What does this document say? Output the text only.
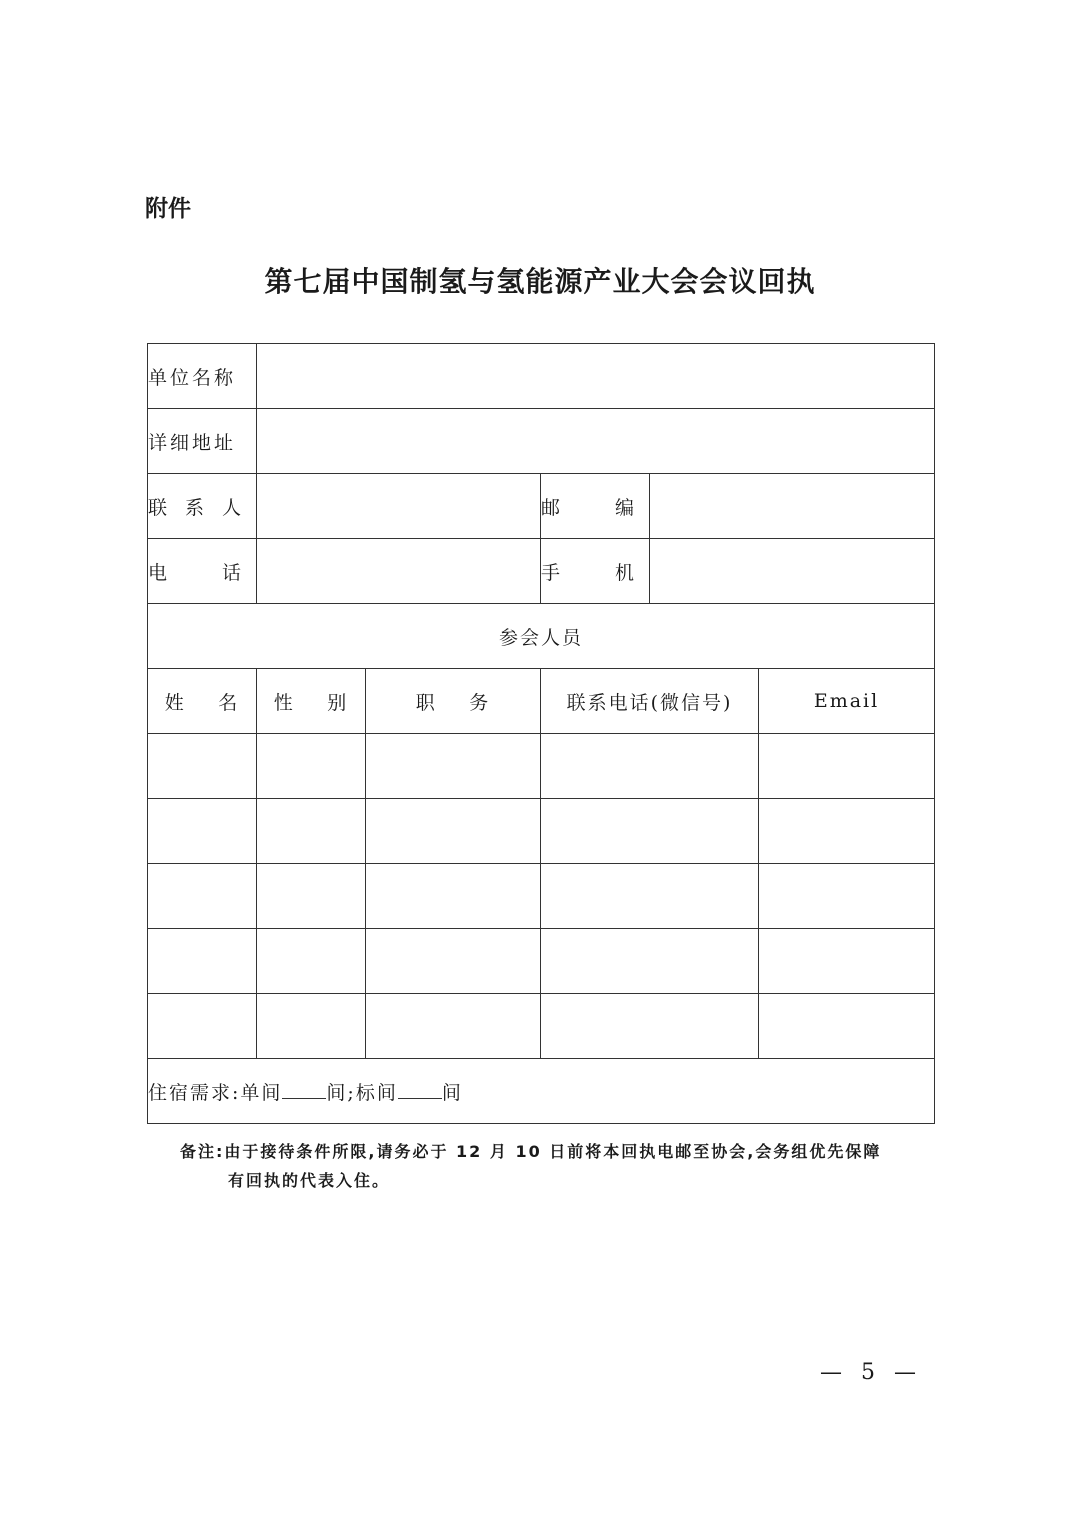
附件
第七届中国制氢与氢能源产业大会会议回执
单位名称					
详细地址					

联 系 人			邮 编		

电 话			手 机		

参会人员					
姓   名	性   别	职   务	联系电话(微信号)		Email

住宿需求:单间 间;标间 间					
备注:由于接待条件所限,请务必于 12 月 10 日前将本回执电邮至协会,会务组优先保障
有回执的代表入住。
— 5 —
